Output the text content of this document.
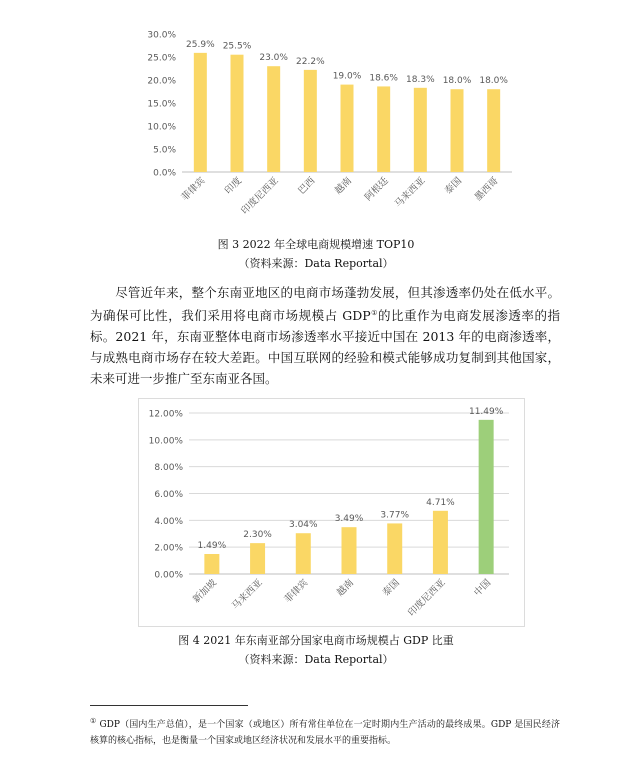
0.0%
5.0%
10.0%
15.0%
20.0%
25.0%
30.0%
25.9%
菲律宾
25.5%
印度
23.0%
印度尼西亚
22.2%
巴西
19.0%
越南
18.6%
阿根廷
18.3%
马来西亚
18.0%
泰国
18.0%
墨西哥
图 3 2022 年全球电商规模增速 TOP10
（资料来源：Data Reportal）

尽管近年来，整个东南亚地区的电商市场蓬勃发展，但其渗透率仍处在低水平。为确保可比性，我们采用将电商市场规模占 GDP①的比重作为电商发展渗透率的指标。2021 年，东南亚整体电商市场渗透率水平接近中国在 2013 年的电商渗透率，与成熟电商市场存在较大差距。中国互联网的经验和模式能够成功复制到其他国家，未来可进一步推广至东南亚各国。

0.00%
2.00%
4.00%
6.00%
8.00%
10.00%
12.00%
1.49%
新加坡
2.30%
马来西亚
3.04%
菲律宾
3.49%
越南
3.77%
泰国
4.71%
印度尼西亚
11.49%
中国
图 4 2021 年东南亚部分国家电商市场规模占 GDP 比重
（资料来源：Data Reportal）

① GDP（国内生产总值），是一个国家（或地区）所有常住单位在一定时期内生产活动的最终成果。GDP 是国民经济核算的核心指标，也是衡量一个国家或地区经济状况和发展水平的重要指标。
